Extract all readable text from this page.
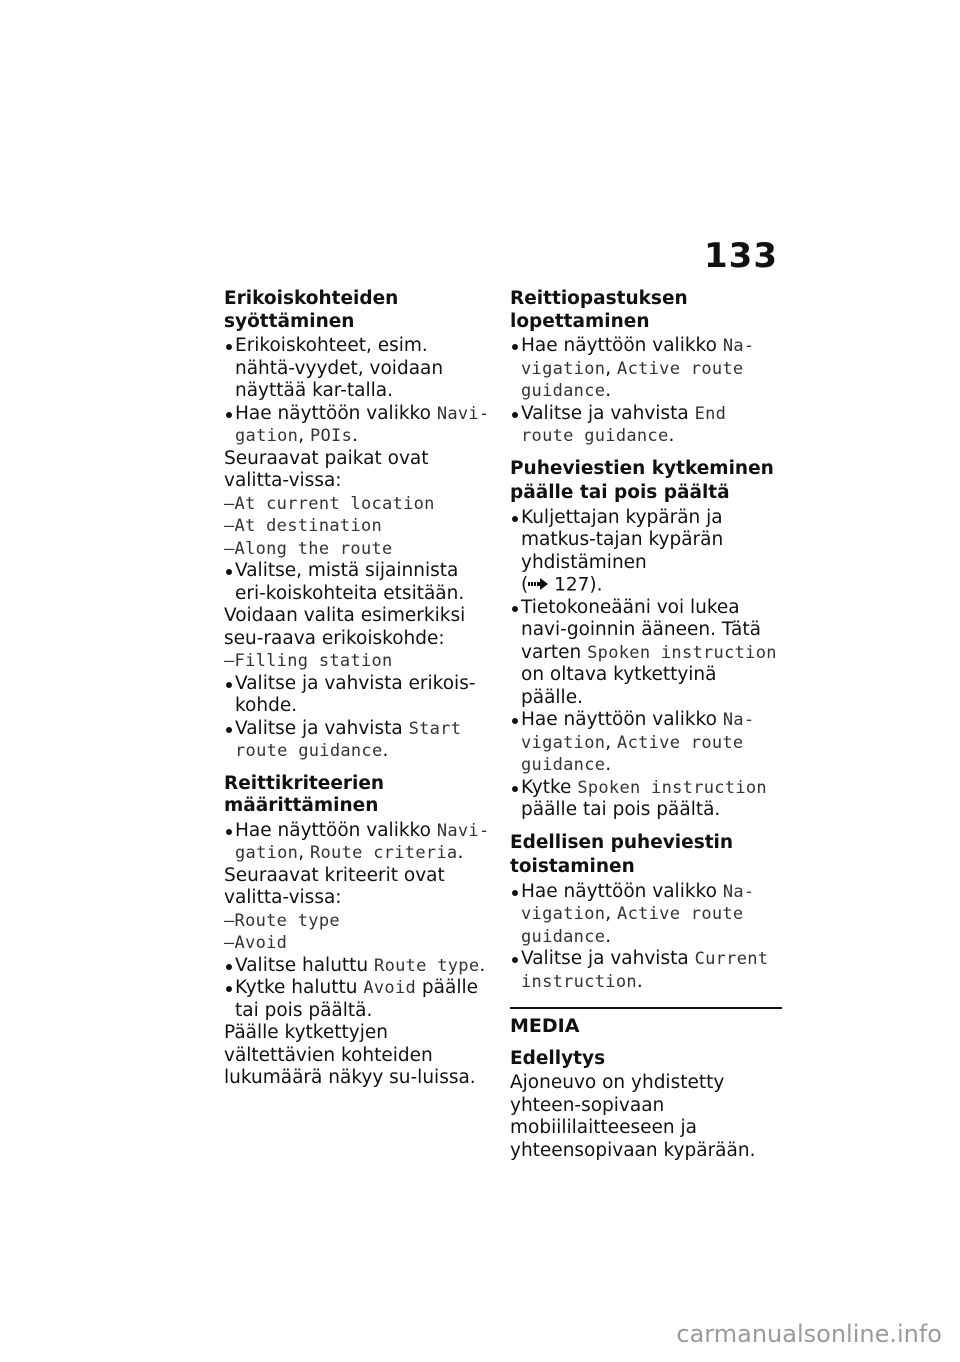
133

Erikoiskohteiden syöttäminen

Erikoiskohteet, esim. nähtä-vyydet, voidaan näyttää kar-talla.

Hae näyttöön valikko Navi-gation, POIs.

Seuraavat paikat ovat valitta-vissa:

–At current location

–At destination

–Along the route

Valitse, mistä sijainnista eri-koiskohteita etsitään.

Voidaan valita esimerkiksi seu-raava erikoiskohde:

–Filling station

Valitse ja vahvista erikois-kohde.

Valitse ja vahvista Start route guidance.

Reittikriteerien määrittäminen

Hae näyttöön valikko Navi-gation, Route criteria.

Seuraavat kriteerit ovat valitta-vissa:

–Route type

–Avoid

Valitse haluttu Route type.

Kytke haluttu Avoid päälle tai pois päältä.

Päälle kytkettyjen vältettävien kohteiden lukumäärä näkyy su-luissa.

Reittiopastuksen lopettaminen

Hae näyttöön valikko Na-vigation, Active route guidance.

Valitse ja vahvista End route guidance.

Puheviestien kytkeminen

päälle tai pois päältä

Kuljettajan kypärän ja matkus-tajan kypärän yhdistäminen
( 127).

Tietokoneääni voi lukea navi-goinnin ääneen. Tätä varten Spoken instruction on oltava kytkettyinä päälle.

Hae näyttöön valikko Na-vigation, Active route guidance.

Kytke Spoken instruction päälle tai pois päältä.

Edellisen puheviestin

toistaminen

Hae näyttöön valikko Na-vigation, Active route guidance.

Valitse ja vahvista Current instruction.

MEDIA

Edellytys

Ajoneuvo on yhdistetty yhteen-sopivaan mobiililaitteeseen ja yhteensopivaan kypärään.

carmanualsonline.info
